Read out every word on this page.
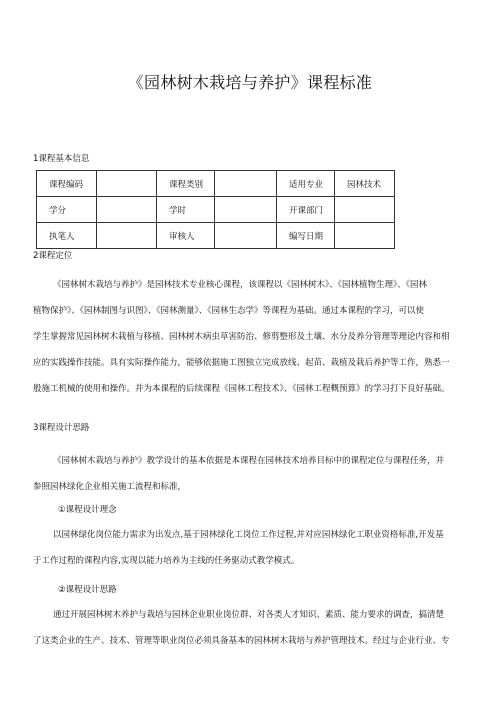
《园林树木栽培与养护》课程标准
1课程基本信息
课程编码		课程类别		适用专业	园林技术
学分		学时		开课部门	
执笔人		审核人		编写日期	
2课程定位
《园林树木栽培与养护》是园林技术专业核心课程，该课程以《园林树木》、《园林植物生理》、《园林
植物保护》、《园林制图与识图》、《园林测量》、《园林生态学》等课程为基础。通过本课程的学习，可以使
学生掌握常见园林树木栽植与移植、园林树木病虫草害防治、修剪整形及土壤、水分及养分管理等理论内容和相
应的实践操作技能。具有实际操作能力，能够依据施工图独立完成放线、起苗、栽植及栽后养护等工作，熟悉一
般施工机械的使用和操作。并为本课程的后续课程《园林工程技术》、《园林工程概预算》的学习打下良好基础。
3课程设计思路
《园林树木栽培与养护》教学设计的基本依据是本课程在园林技术培养目标中的课程定位与课程任务，并
参照园林绿化企业相关施工流程和标准，
①课程设计理念
以园林绿化岗位能力需求为出发点,基于园林绿化工岗位工作过程,并对应园林绿化工职业资格标准,开发基
于工作过程的课程内容,实现以能力培养为主线的任务驱动式教学模式。
②课程设计思路
通过开展园林树木养护与栽培与园林企业职业岗位群、对各类人才知识、素质、能力要求的调查，搞清楚
了这类企业的生产、技术、管理等职业岗位必须具备基本的园林树木栽培与养护管理技术。经过与企业行业、专
